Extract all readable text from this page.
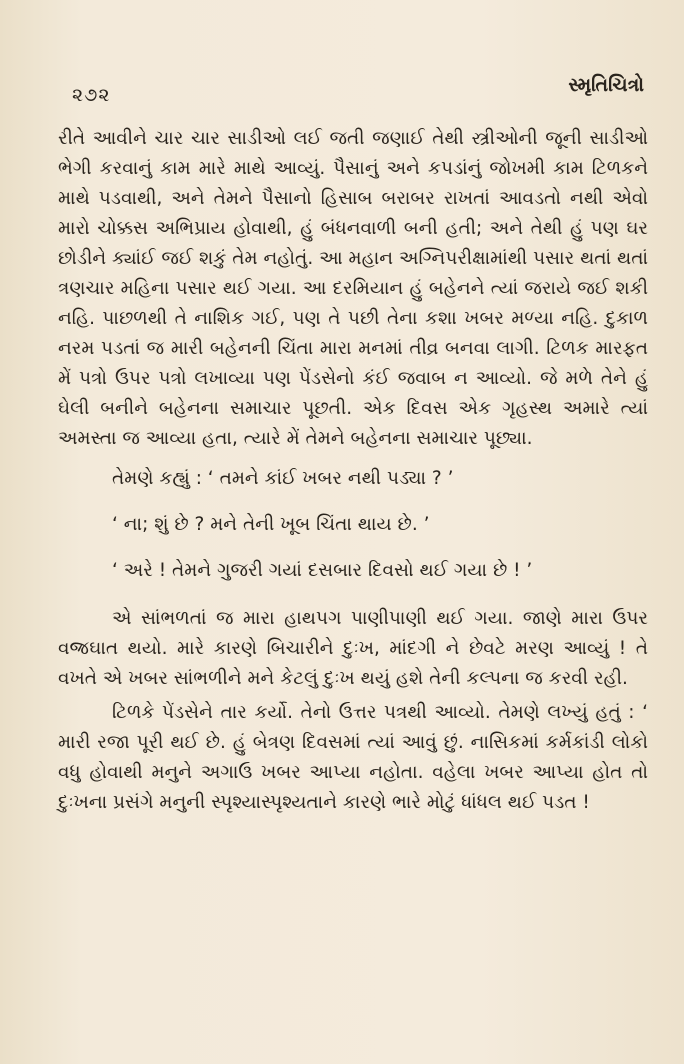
૨૭૨	સ્મૃતિચિત્રો

રીતે આવીને ચાર ચાર સાડીઓ લઈ જતી જણાઈ તેથી સ્ત્રીઓની જૂની સાડીઓ ભેગી કરવાનું કામ મારે માથે આવ્યું. પૈસાનું અને કપડાંનું જોખમી કામ ટિળકને માથે પડવાથી, અને તેમને પૈસાનો હિસાબ બરાબર રાખતાં આવડતો નથી એવો મારો ચોક્કસ અભિપ્રાય હોવાથી, હું બંધનવાળી બની હતી; અને તેથી હું પણ ઘર છોડીને ક્યાંઈ જઈ શકું તેમ નહોતું. આ મહાન અગ્નિપરીક્ષામાંથી પસાર થતાં થતાં ત્રણચાર મહિના પસાર થઈ ગયા. આ દરમિયાન હું બહેનને ત્યાં જરાયે જઈ શકી નહિ. પાછળથી તે નાશિક ગઈ, પણ તે પછી તેના કશા ખબર મળ્યા નહિ. દુકાળ નરમ પડતાં જ મારી બહેનની ચિંતા મારા મનમાં તીવ્ર બનવા લાગી. ટિળક મારફત મેં પત્રો ઉપર પત્રો લખાવ્યા પણ પેંડસેનો કંઈ જવાબ ન આવ્યો. જે મળે તેને હું ઘેલી બનીને બહેનના સમાચાર પૂછતી. એક દિવસ એક ગૃહસ્થ અમારે ત્યાં અમસ્તા જ આવ્યા હતા, ત્યારે મેં તેમને બહેનના સમાચાર પૂછ્યા.

તેમણે કહ્યું : ‘ તમને કાંઈ ખબર નથી પડ્યા ? ’

‘ ના; શું છે ? મને તેની ખૂબ ચિંતા થાય છે. ’

‘ અરે ! તેમને ગુજરી ગયાં દસબાર દિવસો થઈ ગયા છે ! ’

એ સાંભળતાં જ મારા હાથપગ પાણીપાણી થઈ ગયા. જાણે મારા ઉપર વજ્રઘાત થયો. મારે કારણે બિચારીને દુઃખ, માંદગી ને છેવટે મરણ આવ્યું ! તે વખતે એ ખબર સાંભળીને મને કેટલું દુઃખ થયું હશે તેની કલ્પના જ કરવી રહી.

ટિળકે પેંડસેને તાર કર્યો. તેનો ઉત્તર પત્રથી આવ્યો. તેમણે લખ્યું હતું : ‘ મારી રજા પૂરી થઈ છે. હું બેત્રણ દિવસમાં ત્યાં આવું છું. નાસિકમાં કર્મકાંડી લોકો વધુ હોવાથી મનુને અગાઉ ખબર આપ્યા નહોતા. વહેલા ખબર આપ્યા હોત તો દુઃખના પ્રસંગે મનુની સ્પૃશ્યાસ્પૃશ્યતાને કારણે ભારે મોટું ધાંધલ થઈ પડત !
